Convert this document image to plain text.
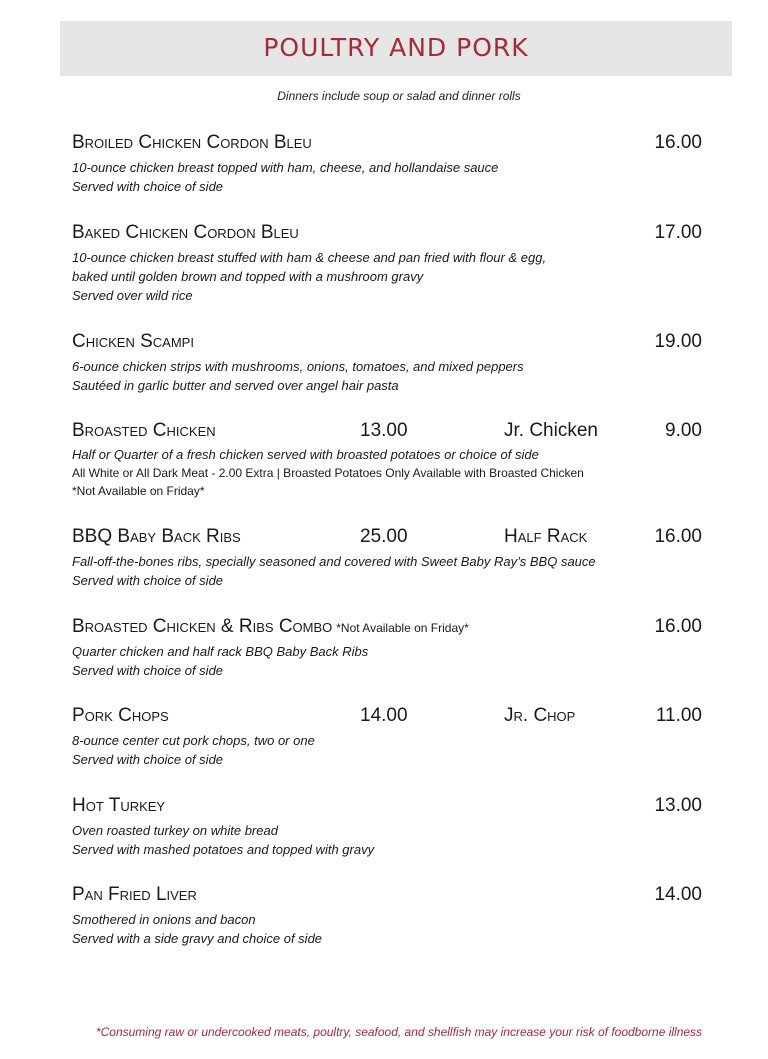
POULTRY AND PORK
Dinners include soup or salad and dinner rolls
Broiled Chicken Cordon Bleu	16.00
10-ounce chicken breast topped with ham, cheese, and hollandaise sauce
Served with choice of side
Baked Chicken Cordon Bleu	17.00
10-ounce chicken breast stuffed with ham & cheese and pan fried with flour & egg,
baked until golden brown and topped with a mushroom gravy
Served over wild rice
Chicken Scampi	19.00
6-ounce chicken strips with mushrooms, onions, tomatoes, and mixed peppers
Sautéed in garlic butter and served over angel hair pasta
Broasted Chicken	13.00	Jr. Chicken	9.00
Half or Quarter of a fresh chicken served with broasted potatoes or choice of side
All White or All Dark Meat - 2.00 Extra | Broasted Potatoes Only Available with Broasted Chicken
*Not Available on Friday*
BBQ Baby Back Ribs	25.00	Half Rack	16.00
Fall-off-the-bones ribs, specially seasoned and covered with Sweet Baby Ray’s BBQ sauce
Served with choice of side
Broasted Chicken & Ribs Combo *Not Available on Friday*	16.00
Quarter chicken and half rack BBQ Baby Back Ribs
Served with choice of side
Pork Chops	14.00	Jr. Chop	11.00
8-ounce center cut pork chops, two or one
Served with choice of side
Hot Turkey	13.00
Oven roasted turkey on white bread
Served with mashed potatoes and topped with gravy
Pan Fried Liver	14.00
Smothered in onions and bacon
Served with a side gravy and choice of side
*Consuming raw or undercooked meats, poultry, seafood, and shellfish may increase your risk of foodborne illness
